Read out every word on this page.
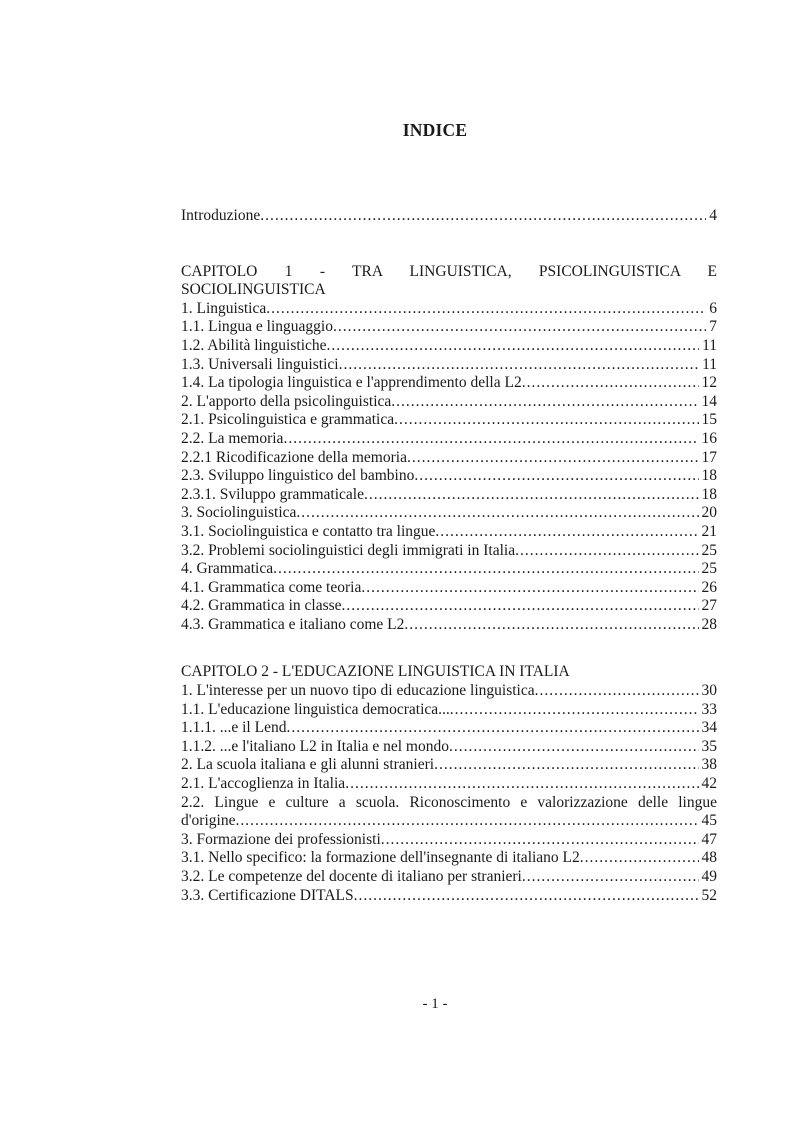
INDICE
Introduzione .....	4
CAPITOLO 1 - TRA LINGUISTICA, PSICOLINGUISTICA E
SOCIOLINGUISTICA
1. Linguistica .....	6
1.1. Lingua e linguaggio .....	7
1.2. Abilità linguistiche .....	11
1.3. Universali linguistici .....	11
1.4. La tipologia linguistica e l'apprendimento della L2 .....	12
2. L'apporto della psicolinguistica .....	14
2.1. Psicolinguistica e grammatica .....	15
2.2. La memoria .....	16
2.2.1 Ricodificazione della memoria .....	17
2.3. Sviluppo linguistico del bambino .....	18
2.3.1. Sviluppo grammaticale .....	18
3. Sociolinguistica .....	20
3.1. Sociolinguistica e contatto tra lingue .....	21
3.2. Problemi sociolinguistici degli immigrati in Italia .....	25
4. Grammatica .....	25
4.1. Grammatica come teoria .....	26
4.2. Grammatica in classe .....	27
4.3. Grammatica e italiano come L2 .....	28
CAPITOLO 2 - L'EDUCAZIONE LINGUISTICA IN ITALIA
1. L'interesse per un nuovo tipo di educazione linguistica .....	30
1.1. L'educazione linguistica democratica... .....	33
1.1.1. ...e il Lend .....	34
1.1.2. ...e l'italiano L2 in Italia e nel mondo .....	35
2. La scuola italiana e gli alunni stranieri .....	38
2.1. L'accoglienza in Italia .....	42
2.2. Lingue e culture a scuola. Riconoscimento e valorizzazione delle lingue
d'origine .....	45
3. Formazione dei professionisti .....	47
3.1. Nello specifico: la formazione dell'insegnante di italiano L2 .....	48
3.2. Le competenze del docente di italiano per stranieri .....	49
3.3. Certificazione DITALS .....	52
- 1 -
